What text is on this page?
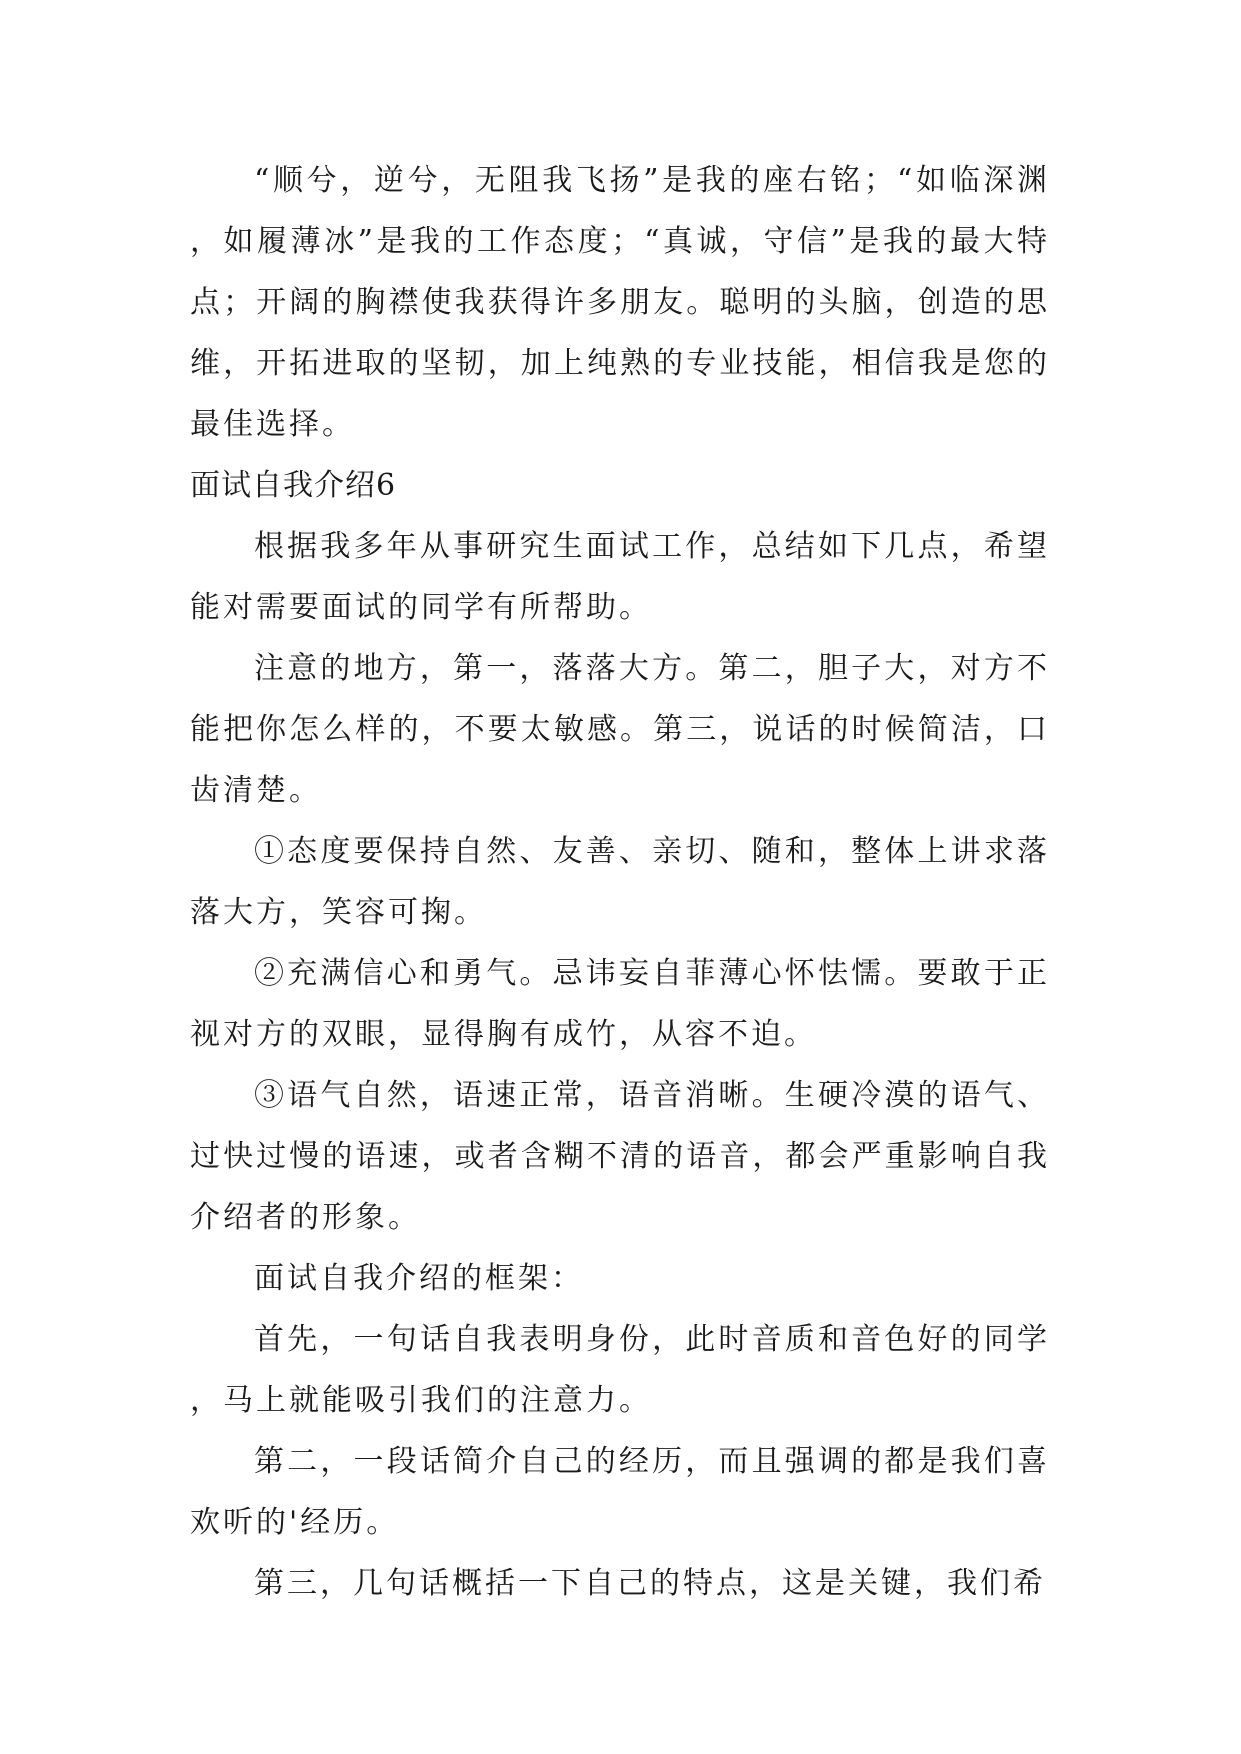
“顺兮，逆兮，无阻我飞扬”是我的座右铭；“如临深渊，如履薄冰”是我的工作态度；“真诚，守信”是我的最大特点；开阔的胸襟使我获得许多朋友。聪明的头脑，创造的思维，开拓进取的坚韧，加上纯熟的专业技能，相信我是您的最佳选择。

面试自我介绍6

根据我多年从事研究生面试工作，总结如下几点，希望能对需要面试的同学有所帮助。

注意的地方，第一，落落大方。第二，胆子大，对方不能把你怎么样的，不要太敏感。第三，说话的时候简洁，口齿清楚。

①态度要保持自然、友善、亲切、随和，整体上讲求落落大方，笑容可掬。

②充满信心和勇气。忌讳妄自菲薄心怀怯懦。要敢于正视对方的双眼，显得胸有成竹，从容不迫。

③语气自然，语速正常，语音消晰。生硬冷漠的语气、过快过慢的语速，或者含糊不清的语音，都会严重影响自我介绍者的形象。

面试自我介绍的框架：

首先，一句话自我表明身份，此时音质和音色好的同学，马上就能吸引我们的注意力。

第二，一段话简介自己的经历，而且强调的都是我们喜欢听的'经历。

第三，几句话概括一下自己的特点，这是关键，我们希
